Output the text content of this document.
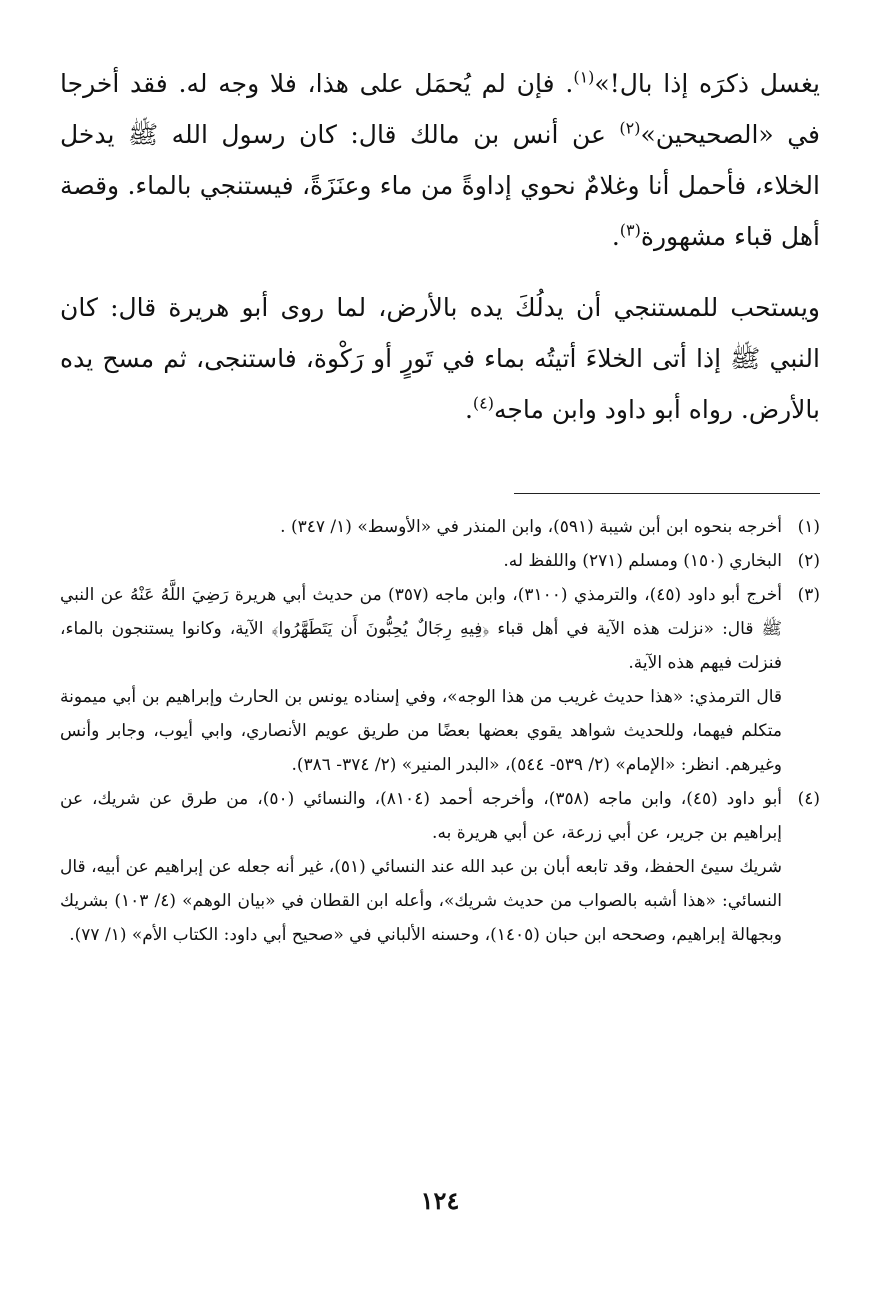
يغسل ذكرَه إذا بال!»$^{(١)}$. فإن لم يُحمَل على هذا، فلا وجه له. فقد أخرجا في «الصحيحين»$^{(٢)}$ عن أنس بن مالك قال: كان رسول الله ﷺ يدخل الخلاء، فأحمل أنا وغلامٌ نحوي إداوةً من ماء وعنَزَةً، فيستنجي بالماء. وقصة أهل قباء مشهورة$^{(٣)}$.

ويستحب للمستنجي أن يدلُكَ يده بالأرض، لما روى أبو هريرة قال: كان النبي ﷺ إذا أتى الخلاءَ أتيتُه بماء في تَورٍ أو رَكْوة، فاستنجى، ثم مسح يده بالأرض. رواه أبو داود وابن ماجه$^{(٤)}$.

(١)

أخرجه بنحوه ابن أبن شيبة (٥٩١)، وابن المنذر في «الأوسط» (١/ ٣٤٧) .

(٢)

البخاري (١٥٠) ومسلم (٢٧١) واللفظ له.

(٣)

أخرج أبو داود (٤٥)، والترمذي (٣١٠٠)، وابن ماجه (٣٥٧) من حديث أبي هريرة رَضِيَ اللَّهُ عَنْهُ عن النبي ﷺ قال: «نزلت هذه الآية في أهل قباء ﴿فِيهِ رِجَالٌ يُحِبُّونَ أَن يَتَطَهَّرُوا﴾ الآية، وكانوا يستنجون بالماء، فنزلت فيهم هذه الآية.

قال الترمذي: «هذا حديث غريب من هذا الوجه»، وفي إسناده يونس بن الحارث وإبراهيم بن أبي ميمونة متكلم فيهما، وللحديث شواهد يقوي بعضها بعضًا من طريق عويم الأنصاري، وابي أيوب، وجابر وأنس وغيرهم. انظر: «الإمام» (٢/ ٥٣٩- ٥٤٤)، «البدر المنير» (٢/ ٣٧٤- ٣٨٦).

(٤)

أبو داود (٤٥)، وابن ماجه (٣٥٨)، وأخرجه أحمد (٨١٠٤)، والنسائي (٥٠)، من طرق عن شريك، عن إبراهيم بن جرير، عن أبي زرعة، عن أبي هريرة به.

شريك سيئ الحفظ، وقد تابعه أبان بن عبد الله عند النسائي (٥١)، غير أنه جعله عن إبراهيم عن أبيه، قال النسائي: «هذا أشبه بالصواب من حديث شريك»، وأعله ابن القطان في «بيان الوهم» (٤/ ١٠٣) بشريك وبجهالة إبراهيم، وصححه ابن حبان (١٤٠٥)، وحسنه الألباني في «صحيح أبي داود: الكتاب الأم» (١/ ٧٧).

١٢٤
